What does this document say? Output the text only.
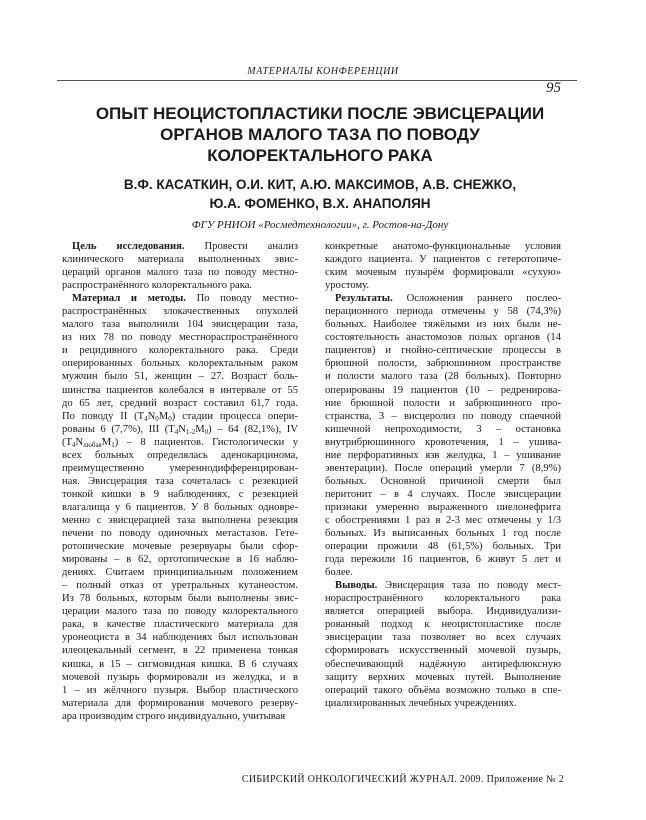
МАТЕРИАЛЫ КОНФЕРЕНЦИИ
95
ОПЫТ НЕОЦИСТОПЛАСТИКИ ПОСЛЕ ЭВИСЦЕРАЦИИ
ОРГАНОВ МАЛОГО ТАЗА ПО ПОВОДУ
КОЛОРЕКТАЛЬНОГО РАКА
В.Ф. КАСАТКИН, О.И. КИТ, А.Ю. МАКСИМОВ, А.В. СНЕЖКО,
Ю.А. ФОМЕНКО, В.Х. АНАПОЛЯН
ФГУ РНИОИ «Росмедтехнологии», г. Ростов-на-Дону
Цель исследования. Провести анализ
клинического материала выполненных эвис-
цераций органов малого таза по поводу местно-
распространённого колоректального рака.
Материал и методы. По поводу местно-
распространённых злокачественных опухолей
малого таза выполнили 104 эвисцерации таза,
из них 78 по поводу местнораспространённого
и рецидивного колоректального рака. Среди
оперированных больных колоректальным раком
мужчин было 51, женщин – 27. Возраст боль-
шинства пациентов колебался в интервале от 55
до 65 лет, средний возраст составил 61,7 года.
По поводу II $(T_4N_0M_0)$ стадии процесса опери-
рованы 6 (7,7%), III $(T_4N_{1-2}M_0) - 64$ (82,1%), IV
$(T_4N_{любая}M_1) - 8$ пациентов. Гистологически у
всех больных определялась аденокарцинома,
преимущественно умереннодифференцирован-
ная. Эвисцерация таза сочеталась с резекцией
тонкой кишки в 9 наблюдениях, с резекцией
влагалища у 6 пациентов. У 8 больных одновре-
менно с эвисцерацией таза выполнена резекция
печени по поводу одиночных метастазов. Гете-
ротопические мочевые резервуары были сфор-
мированы – в 62, ортотопические в 16 наблю-
дениях. Считаем принципиальным положением
– полный отказ от уретральных кутанеостом.
Из 78 больных, которым были выполнены эвис-
церации малого таза по поводу колоректального
рака, в качестве пластического материала для
уронеоциста в 34 наблюдениях был использован
илеоцекальный сегмент, в 22 применена тонкая
кишка, в 15 – сигмовидная кишка. В 6 случаях
мочевой пузырь формировали из желудка, и в
1 – из жёлчного пузыря. Выбор пластического
материала для формирования мочевого резерву-
ара производим строго индивидуально, учитывая
конкретные анатомо-функциональные условия
каждого пациента. У пациентов с гетеротопиче-
ским мочевым пузырём формировали «сухую»
уростому.
Результаты. Осложнения раннего послео-
перационного периода отмечены у 58 (74,3%)
больных. Наиболее тяжёлыми из них были не-
состоятельность анастомозов полых органов (14
пациентов) и гнойно-септические процессы в
брюшной полости, забрюшинном пространстве
и полости малого таза (28 больных). Повторно
оперированы 19 пациентов (10 – редренирова-
ние брюшной полости и забрюшинного про-
странства, 3 – висцеролиз по поводу спаечной
кишечной непроходимости, 3 – остановка
внутрибрюшинного кровотечения, 1 – ушива-
ние перфоративных язв желудка, 1 – ушивание
эвентерации). После операций умерли 7 (8,9%)
больных. Основной причиной смерти был
перитонит – в 4 случаях. После эвисцерации
признаки умеренно выраженного пиелонефрита
с обострениями 1 раз в 2-3 мес отмечены у 1/3
больных. Из выписанных больных 1 год после
операции прожили 48 (61,5%) больных. Три
года пережили 16 пациентов, 6 живут 5 лет и
более.
Выводы. Эвисцерация таза по поводу мест-
нораспространённого колоректального рака
является операцией выбора. Индивидуализи-
рованный подход к неоцистопластике после
эвисцерации таза позволяет во всех случаях
сформировать искусственный мочевой пузырь,
обеспечивающий надёжную антирефлюксную
защиту верхних мочевых путей. Выполнение
операций такого объёма возможно только в спе-
циализированных лечебных учреждениях.
СИБИРСКИЙ ОНКОЛОГИЧЕСКИЙ ЖУРНАЛ. 2009. Приложение № 2
